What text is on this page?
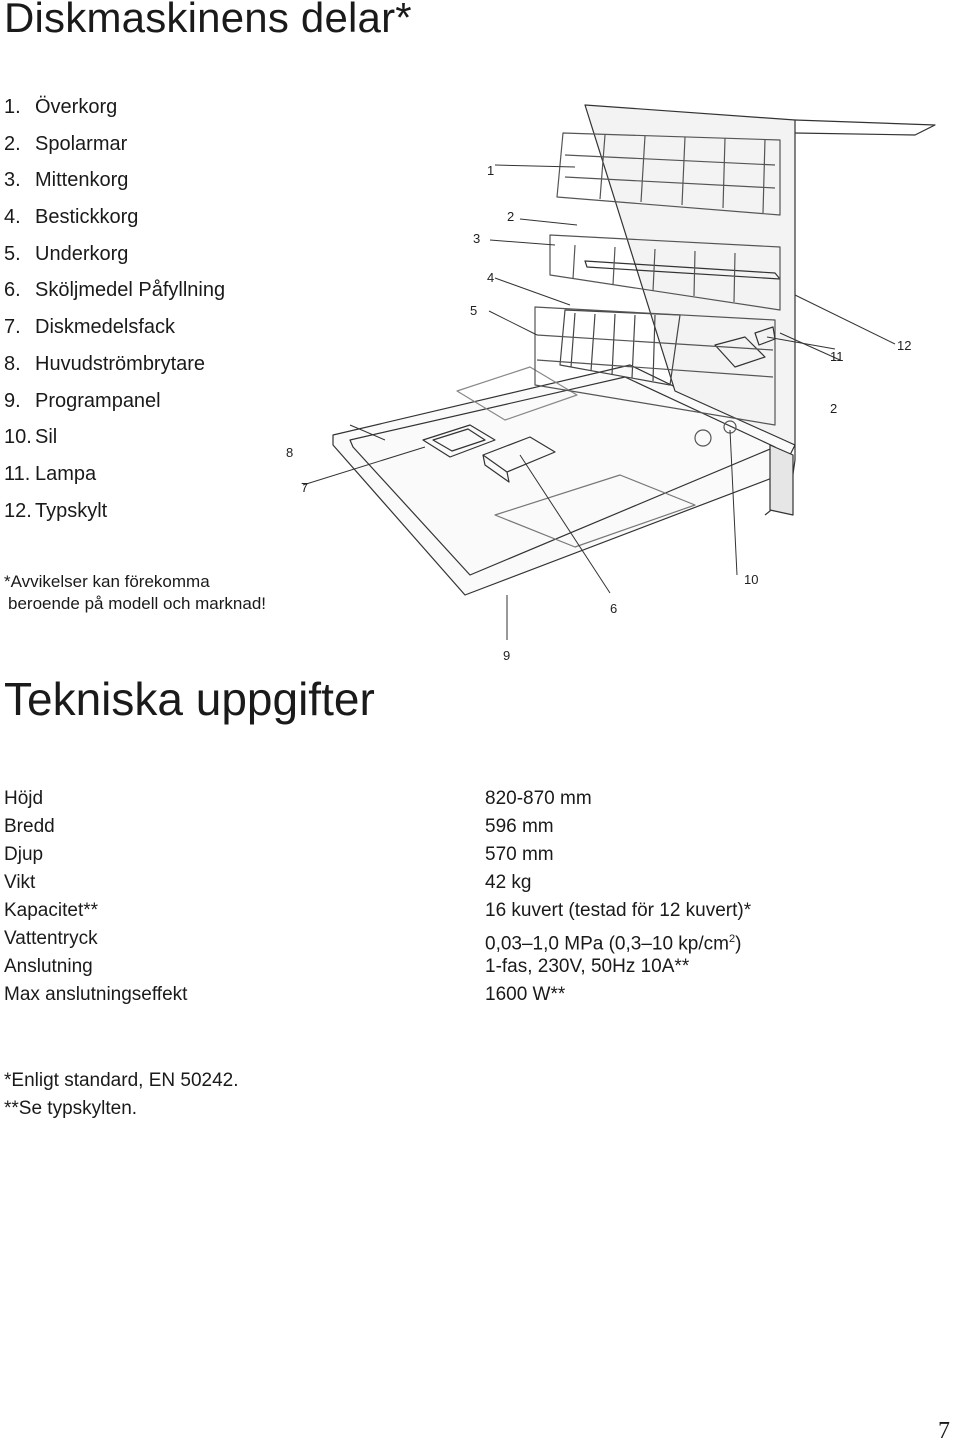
Diskmaskinens delar*
1. Överkorg
2. Spolarmar
3. Mittenkorg
4. Bestickkorg
5. Underkorg
6. Sköljmedel Påfyllning
7. Diskmedelsfack
8. Huvudströmbrytare
9. Programpanel
10. Sil
11. Lampa
12. Typskylt
*Avvikelser kan förekomma
beroende på modell och marknad!
1
2
3
4
5
2
11
12
8
7
6
10
9
Tekniska uppgifter
Höjd	820-870 mm
Bredd	596 mm
Djup	570 mm
Vikt	42 kg
Kapacitet**	16 kuvert (testad för 12 kuvert)*
Vattentryck	0,03–1,0 MPa (0,3–10 $kp/cm^2$)
Anslutning	1-fas, 230V, 50Hz 10A**
Max anslutningseffekt	1600 W**
*Enligt standard, EN 50242.
**Se typskylten.
7
